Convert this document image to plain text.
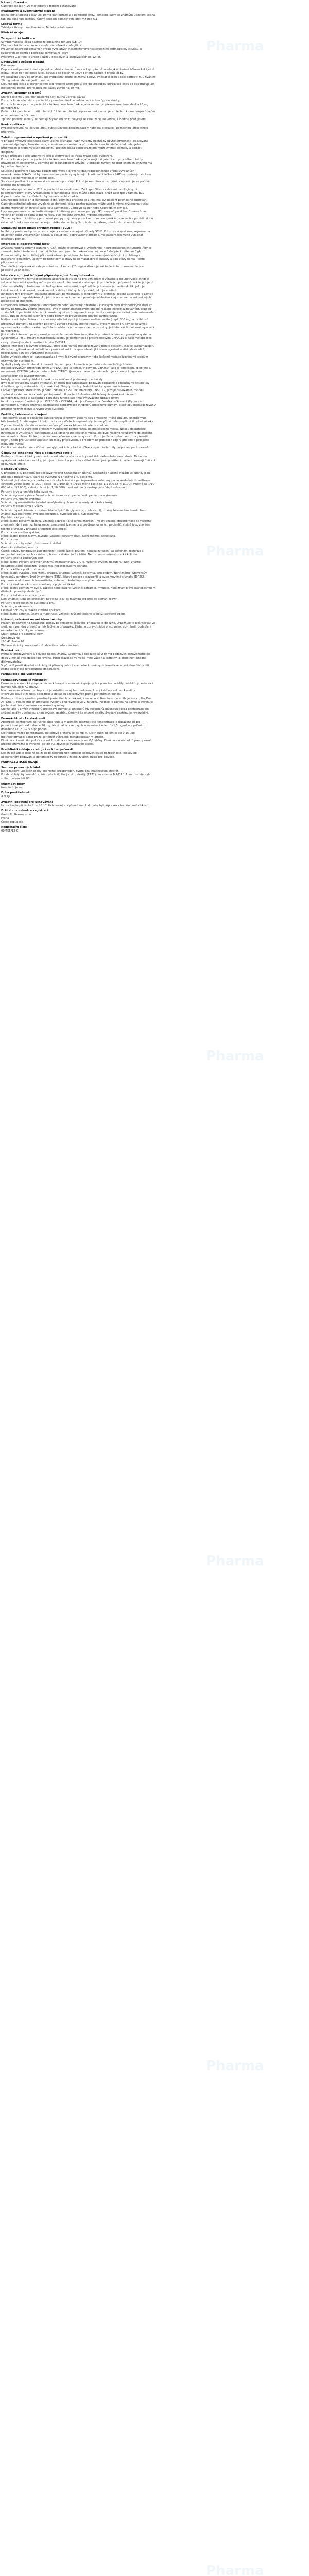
Název přípravku
Gastrolit prášek 4,90 mg tablety s filmem potahované
Kvalitativní a kvantitativní složení
Jedna jedna tableta obsahuje 10 mg pantoprazolu a pomocné látky. Pomocné látky se známým účinkem: jedna tableta obsahuje laktózu. Úplný seznam pomocných látek viz bod 6.1.
Léková forma
Tablety s řízeným uvolňováním. Tablety potahované.
Klinické údaje
Terapeutické indikace
Symptomatická léčba gastroezofageálního refluxu (GERD).
Dlouhodobá léčba a prevence relapsů refluxní ezofagitidy.
Prevence gastroduodenálních vředů vyvolaných neselektivními nesteroidními antiflogistiky (NSAID) u rizikových pacientů s potřebou kontinuální léčby.
Přípravek Gastrolit je určen k užití u dospělých a dospívajících od 12 let.
Dávkování a způsob podání
Dávkování
Doporučená perorální dávka je jedna tableta denně. Úleva od symptomů se obvykle dostaví během 2–4 týdnů léčby. Pokud to není dostačující, obvykle se dosáhne úlevy během dalších 4 týdnů léčby.
Při dosažení úlevy od příznaků lze symptomy, které se znovu objeví, zvládat léčbou podle potřeby, tj. užíváním 20 mg jednou denně, je-li to nutné.
Dlouhodobá léčba a prevence relapsů refluxní ezofagitidy: pro dlouhodobou udržovací léčbu se doporučuje 20 mg jednou denně, při relapsu lze dávku zvýšit na 40 mg.
Zvláštní skupiny pacientů
Starší pacienti: u starších pacientů není nutná úprava dávky.
Porucha funkce ledvin: u pacientů s poruchou funkce ledvin není nutná úprava dávky.
Porucha funkce jater: u pacientů s těžkou poruchou funkce jater nemá být překročena denní dávka 20 mg pantoprazolu.
Pediatrická populace: u dětí mladších 12 let se užívání přípravku nedoporučuje vzhledem k omezeným údajům o bezpečnosti a účinnosti.
Způsob podání: Tablety se nemají žvýkat ani drtit, polykají se celé, zapijí se vodou, 1 hodinu před jídlem.
Kontraindikace
Hypersenzitivita na léčivou látku, substituované benzimidazoly nebo na kteroukoli pomocnou látku tohoto přípravku.
Zvláštní upozornění a opatření pro použití
V případě výskytu jakéhokoli alarmujícího příznaku (např. výrazný nechtěný úbytek hmotnosti, opakované zvracení, dysfagie, hematemeza, anémie nebo meléna) a při podezření na žaludeční vřed nebo jeho přítomnosti je třeba vyloučit malignitu, protože léčba pantoprazolem může zmírnit příznaky a oddálit diagnózu.
Pokud příznaky i přes adekvátní léčbu přetrvávají, je třeba zvážit další vyšetření.
Porucha funkce jater: u pacientů s těžkou poruchou funkce jater mají být jaterní enzymy během léčby pravidelně monitorovány, zejména při dlouhodobém užívání. V případě zvýšení hodnot jaterních enzymů má být léčba ukončena.
Současné podávání s NSAID: použití přípravku k prevenci gastroduodenálních vředů vyvolaných neselektivními NSAID má být omezeno na pacienty vyžadující kontinuální léčbu NSAID se zvýšeným rizikem vzniku gastrointestinálních komplikací.
Současné podávání s atazanavirem se nedoporučuje. Pokud je kombinace nezbytná, doporučuje se pečlivé klinické monitorování.
Vliv na absorpci vitaminu B12: u pacientů se syndromem Zollinger-Ellison a dalšími patologickými hypersekrečními stavy vyžadujícími dlouhodobou léčbu může pantoprazol snížit absorpci vitaminu B12 (kyanokobalaminu) v důsledku hypo- nebo achlorhydrie.
Dlouhodobá léčba: při dlouhodobé léčbě, zejména přesahující 1 rok, má být pacient pravidelně sledován.
Gastrointestinální infekce vyvolané bakteriemi: léčba pantoprazolem může vést k mírně zvýšenému riziku gastrointestinálních infekcí, jako jsou Salmonella, Campylobacter nebo Clostridium difficile.
Hypomagnezemie: u pacientů léčených inhibitory protonové pumpy (PPI) alespoň po dobu tří měsíců, ve většině případů po dobu jednoho roku, byla hlášena závažná hypomagnezemie.
Zlomeniny kostí: inhibitory protonové pumpy, zejména pokud se užívají ve vysokých dávkách a po delší dobu (více než 1 rok), mohou mírně zvýšit riziko zlomenin kyčle, zápěstí a páteře, převážně u starších osob.
Subakutní kožní lupus erythematodes (SCLE)
Inhibitory protonové pumpy jsou spojeny s velmi vzácnými případy SCLE. Pokud se objeví léze, zejména na oblastech kůže vystavených slunci, a pokud jsou doprovázeny artralgií, má pacient okamžitě vyhledat lékařskou pomoc.
Interakce s laboratorními testy
Zvýšená hladina chromograninu A (CgA) může interferovat s vyšetřeními neuroendokrinních tumorů. Aby se zamezilo této interferenci, má být léčba pantoprazolem ukončena nejméně 5 dní před měřením CgA.
Pomocné látky: tento léčivý přípravek obsahuje laktózu. Pacienti se vzácnými dědičnými problémy s intolerancí galaktózy, úplným nedostatkem laktázy nebo malabsorpcí glukózy a galaktózy nemají tento přípravek užívat.
Tento léčivý přípravek obsahuje méně než 1 mmol (23 mg) sodíku v jedné tabletě, to znamená, že je v podstatě „bez sodíku“.
Interakce s jinými léčivými přípravky a jiné formy interakce
Léčivé přípravky s farmakokinetikou absorpce závislou na pH: vzhledem k výrazné a dlouhotrvající inhibici sekrece žaludeční kyseliny může pantoprazol interferovat s absorpcí jiných léčivých přípravků, u kterých je pH žaludku důležitým faktorem pro biologickou dostupnost, např. některých azolových antimykotik, jako je ketokonazol, itrakonazol, posakonazol, a dalších léčivých přípravků, jako je erlotinib.
Inhibitory HIV proteázy: současné podávání pantoprazolu s inhibitory HIV proteázy, jejichž absorpce je závislá na kyselém intragastrickém pH, jako je atazanavir, se nedoporučuje vzhledem k významnému snížení jejich biologické dostupnosti.
Kumarinová antikoagulancia (fenprokumon nebo warfarin): přestože v klinických farmakokinetických studiích nebyly pozorovány žádné interakce, bylo v postmarketingovém období hlášeno několik izolovaných případů změn INR. U pacientů léčených kumarinovými antikoagulancii se proto doporučuje sledování protrombinového času / INR po zahájení, ukončení nebo během nepravidelného užívání pantoprazolu.
Methotrexát: bylo hlášeno, že současné užívání vysokých dávek methotrexátu (např. 300 mg) a inhibitorů protonové pumpy u některých pacientů zvyšuje hladiny methotrexátu. Proto v situacích, kdy se používají vysoké dávky methotrexátu, například u nádorových onemocnění a psoriázy, je třeba zvážit dočasné vysazení pantoprazolu.
Jiné studie interakcí: pantoprazol je rozsáhle metabolizován v játrech prostřednictvím enzymového systému cytochromu P450. Hlavní metabolickou cestou je demethylace prostřednictvím CYP2C19 a další metabolické cesty zahrnují oxidaci prostřednictvím CYP3A4.
Studie interakcí s léčivými přípravky, které jsou rovněž metabolizovány těmito cestami, jako je karbamazepin, diazepam, glibenklamid, nifedipin a perorální antikoncepce obsahující levonorgestrel a ethinylestradiol, neprokázaly klinicky významné interakce.
Nelze vyloučit interakci pantoprazolu s jinými léčivými přípravky nebo látkami metabolizovanými stejným enzymovým systémem.
Výsledky řady studií interakcí ukazují, že pantoprazol neovlivňuje metabolismus léčivých látek metabolizovaných prostřednictvím CYP1A2 (jako je kofein, theofylin), CYP2C9 (jako je piroxikam, diklofenak, naproxen), CYP2D6 (jako je metoprolol), CYP2E1 (jako je ethanol), a neinterferuje s absorpcí digoxinu souvisejícím s p-glykoproteinem.
Nebyly zaznamenány žádné interakce se současně podávanými antacidy.
Byly také provedeny studie interakcí, při nichž byl pantoprazol podáván současně s příslušnými antibiotiky (klarithromycin, metronidazol, amoxicilin). Nebyly zjištěny žádné klinicky významné interakce.
Léčivé přípravky, které inhibují nebo indukují CYP2C19: inhibitory CYP2C19, jako je fluvoxamin, mohou zvyšovat systémovou expozici pantoprazolu. U pacientů dlouhodobě léčených vysokými dávkami pantoprazolu nebo u pacientů s poruchou funkce jater má být zvážena úprava dávky.
Induktory enzymů ovlivňujících CYP2C19 a CYP3A4, jako je rifampicin a třezalka tečkovaná (Hypericum perforatum), mohou snižovat plazmatické koncentrace inhibitorů protonové pumpy, které jsou metabolizovány prostřednictvím těchto enzymových systémů.
Fertilita, těhotenství a kojení
Těhotenství: údaje o podávání pantoprazolu těhotným ženám jsou omezené (méně než 300 ukončených těhotenství). Studie reprodukční toxicity na zvířatech neprokázaly žádné přímé nebo nepřímé škodlivé účinky. Z preventivních důvodů se nedoporučuje přípravek během těhotenství užívat.
Kojení: studie na zvířatech prokázaly vylučování pantoprazolu do mateřského mléka. Nejsou dostatečné informace o vylučování pantoprazolu do lidského mateřského mléka, ale bylo hlášeno vylučování do lidského mateřského mléka. Riziko pro novorozence/kojence nelze vyloučit. Proto je třeba rozhodnout, zda přerušit kojení, nebo přerušit léčbu/upustit od léčby přípravkem, s ohledem na prospěch kojení pro dítě a prospěch léčby pro matku.
Fertilita: ve studiích na zvířatech nebyly prokázány žádné důkazy o poruše fertility po podání pantoprazolu.
Účinky na schopnost řídit a obsluhovat stroje
Pantoprazol nemá žádný nebo má zanedbatelný vliv na schopnost řídit nebo obsluhovat stroje. Mohou se vyskytnout nežádoucí účinky, jako jsou závratě a poruchy vidění. Pokud jsou postiženi, pacienti nemají řídit ani obsluhovat stroje.
Nežádoucí účinky
U přibližně 5 % pacientů lze očekávat výskyt nežádoucích účinků. Nejčastěji hlášené nežádoucí účinky jsou průjem a bolest hlavy, které se vyskytují u přibližně 1 % pacientů.
V následující tabulce jsou nežádoucí účinky hlášené s pantoprazolem seřazeny podle následující klasifikace četnosti: velmi časté (≥ 1/10); časté (≥ 1/100 až < 1/10); méně časté (≥ 1/1 000 až < 1/100); vzácné (≥ 1/10 000 až < 1/1 000); velmi vzácné (< 1/10 000), není známo (z dostupných údajů nelze určit).
Poruchy krve a lymfatického systému
Vzácné: agranulocytóza. Velmi vzácné: trombocytopenie, leukopenie, pancytopenie.
Poruchy imunitního systému
Vzácné: hypersenzitivita (včetně anafylaktických reakcí a anafylaktického šoku).
Poruchy metabolismu a výživy
Vzácné: hyperlipidemie a zvýšení hladin lipidů (triglyceridy, cholesterol), změny tělesné hmotnosti. Není známo: hyponatremie, hypomagnezemie, hypokalcemie, hypokalemie.
Psychiatrické poruchy
Méně časté: poruchy spánku. Vzácné: deprese (a všechna zhoršení). Velmi vzácné: dezorientace (a všechna zhoršení). Není známo: halucinace, zmatenost (zejména u predisponovaných pacientů, stejně jako zhoršení těchto příznaků v případě předchozí existence).
Poruchy nervového systému
Méně časté: bolest hlavy, závratě. Vzácné: poruchy chuti. Není známo: parestezie.
Poruchy oka
Vzácné: poruchy vidění / rozmazané vidění.
Gastrointestinální poruchy
Časté: polypy fundických žláz (benigní). Méně časté: průjem, nauzea/zvracení, abdominální distenze a nadýmání, zácpa, sucho v ústech, bolest a diskomfort v břiše. Není známo: mikroskopická kolitida.
Poruchy jater a žlučových cest
Méně časté: zvýšení jaterních enzymů (transaminázy, γ-GT). Vzácné: zvýšení bilirubinu. Není známo: hepatocelulární poškození, žloutenka, hepatocelulární selhání.
Poruchy kůže a podkožní tkáně
Méně časté: vyrážka / exantém / erupce, pruritus. Vzácné: kopřivka, angioedém. Není známo: Stevensův-Johnsonův syndrom, Lyellův syndrom (TEN), léková reakce s eozinofilií a systémovými příznaky (DRESS), erythema multiforme, fotosenzitivita, subakutní kožní lupus erythematodes.
Poruchy svalové a kosterní soustavy a pojivové tkáně
Méně časté: zlomeniny kyčle, zápěstí nebo páteře. Vzácné: artralgie, myalgie. Není známo: svalový spasmus v důsledku poruchy elektrolytů.
Poruchy ledvin a močových cest
Není známo: tubulointersticiální nefritida (TIN) (s možnou progresí do selhání ledvin).
Poruchy reprodukčního systému a prsu
Vzácné: gynekomastie.
Celkové poruchy a reakce v místě aplikace
Méně časté: astenie, únava a malátnost. Vzácné: zvýšení tělesné teploty, periferní edém.
Hlášení podezření na nežádoucí účinky
Hlášení podezření na nežádoucí účinky po registraci léčivého přípravku je důležité. Umožňuje to pokračovat ve sledování poměru přínosů a rizik léčivého přípravku. Žádáme zdravotnické pracovníky, aby hlásili podezření na nežádoucí účinky na adresu:
Státní ústav pro kontrolu léčiv
Šrobárova 48
100 41 Praha 10
Webové stránky: www.sukl.cz/nahlasit-nezadouci-ucinek
Předávkování
Příznaky předávkování u člověka nejsou známy. Systémová expozice až 240 mg podaných intravenózně po dobu 2 minut byla dobře tolerována. Pantoprazol se ve velké míře váže na proteiny, a proto není snadno dialyzovatelný.
V případě předávkování s klinickými příznaky intoxikace nelze kromě symptomatické a podpůrné léčby dát žádné specifické terapeutické doporučení.
Farmakologické vlastnosti
Farmakodynamické vlastnosti
Farmakoterapeutická skupina: léčiva k terapii onemocnění spojených s poruchou acidity, inhibitory protonové pumpy. ATC kód: A02BC02.
Mechanismus účinku: pantoprazol je substituovaný benzimidazol, který inhibuje sekreci kyseliny chlorovodíkové v žaludku specifickou blokádou protonových pump parietálních buněk.
Pantoprazol se v kyselém prostředí parietálních buněk mění na svou aktivní formu a inhibuje enzym H+,K+-ATPázu, tj. finální stupeň produkce kyseliny chlorovodíkové v žaludku. Inhibice je závislá na dávce a ovlivňuje jak bazální, tak stimulovanou sekreci kyseliny.
Stejně jako u jiných inhibitorů protonové pumpy a inhibitorů H2 receptorů způsobuje léčba pantoprazolem snížení acidity v žaludku, a tím zvýšení gastrinu úměrně ke snížení acidity. Zvýšení gastrinu je reverzibilní.
Farmakokinetické vlastnosti
Absorpce: pantoprazol se rychle absorbuje a maximální plazmatické koncentrace je dosaženo již po jednorázové perorální dávce 20 mg. Maximálních sérových koncentrací kolem 1–1,5 µg/ml je v průměru dosaženo asi 2,0–2,5 h po podání.
Distribuce: vazba pantoprazolu na sérové proteiny je asi 98 %. Distribuční objem je asi 0,15 l/kg.
Biotransformace: pantoprazol je téměř výhradně metabolizován v játrech.
Eliminace: terminální poločas je asi 1 hodina a clearance je asi 0,1 l/h/kg. Eliminace metabolitů pantoprazolu probíhá převážně ledvinami (asi 80 %), zbytek je vylučován stolicí.
Předklinické údaje vztahující se k bezpečnosti
Neklinické údaje získané na základě konvenčních farmakologických studií bezpečnosti, toxicity po opakovaném podávání a genotoxicity neodhalily žádné zvláštní riziko pro člověka.
FARMACEUTICKÉ ÚDAJE
Seznam pomocných látek
Jádro tablety: uhličitan sodný, mannitol, krospovidon, hyprolóza, magnesium-stearát.
Potah tablety: hypromelóza, triethyl-citrát, žlutý oxid železitý (E172), kopolymer MA/EA 1:1, natrium-lauryl-sulfát, polysorbát 80.
Inkompatibility
Neuplatňuje se.
Doba použitelnosti
3 roky.
Zvláštní opatření pro uchovávání
Uchovávejte při teplotě do 25 °C. Uchovávejte v původním obalu, aby byl přípravek chráněn před vlhkostí.
Držitel rozhodnutí o registraci
Gastrolit Pharma s.r.o.
Praha
Česká republika
Registrační číslo
09/455/12-C
Pharma
Pharma
Pharma
Pharma
Pharma
Pharma
